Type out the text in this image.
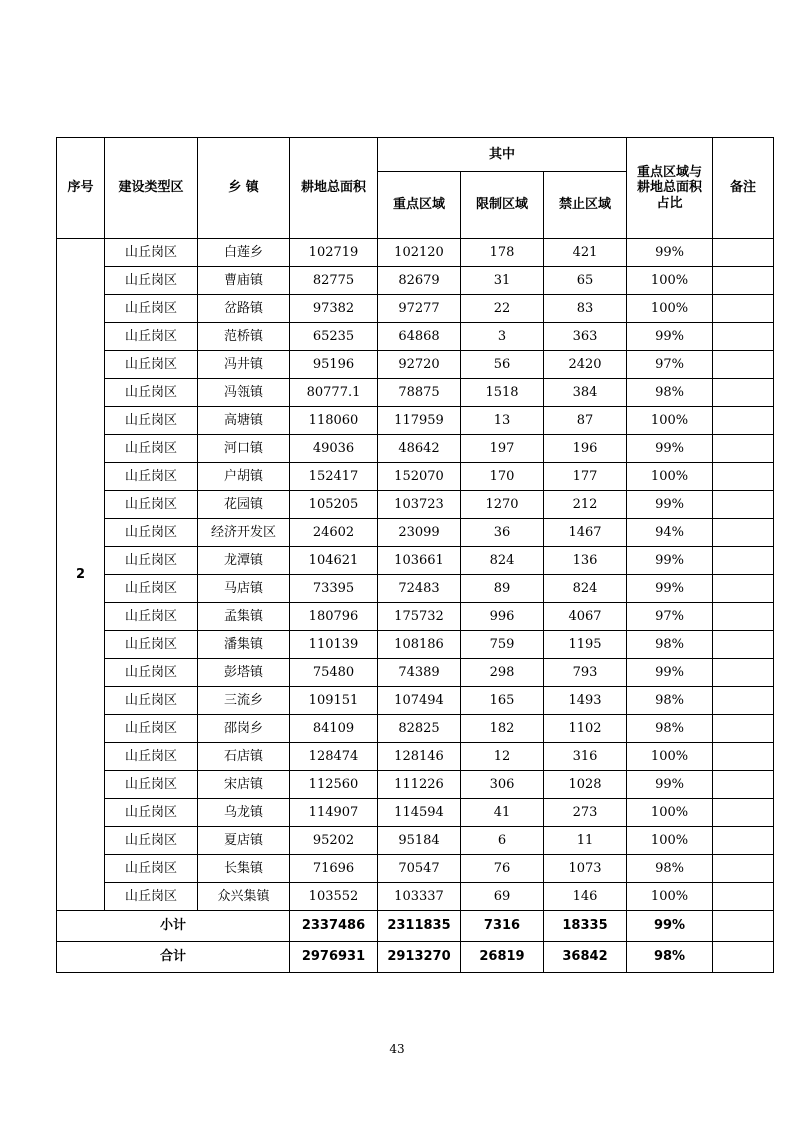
序号	建设类型区	乡 镇	耕地总面积	其中			重点区域与耕地总面积占比	备注
				重点区域	限制区域	禁止区域		
2	山丘岗区	白莲乡	102719	102120	178	421	99%	
	山丘岗区	曹庙镇	82775	82679	31	65	100%	
	山丘岗区	岔路镇	97382	97277	22	83	100%	
	山丘岗区	范桥镇	65235	64868	3	363	99%	
	山丘岗区	冯井镇	95196	92720	56	2420	97%	
	山丘岗区	冯瓴镇	80777.1	78875	1518	384	98%	
	山丘岗区	高塘镇	118060	117959	13	87	100%	
	山丘岗区	河口镇	49036	48642	197	196	99%	
	山丘岗区	户胡镇	152417	152070	170	177	100%	
	山丘岗区	花园镇	105205	103723	1270	212	99%	
	山丘岗区	经济开发区	24602	23099	36	1467	94%	
	山丘岗区	龙潭镇	104621	103661	824	136	99%	
	山丘岗区	马店镇	73395	72483	89	824	99%	
	山丘岗区	孟集镇	180796	175732	996	4067	97%	
	山丘岗区	潘集镇	110139	108186	759	1195	98%	
	山丘岗区	彭塔镇	75480	74389	298	793	99%	
	山丘岗区	三流乡	109151	107494	165	1493	98%	
	山丘岗区	邵岗乡	84109	82825	182	1102	98%	
	山丘岗区	石店镇	128474	128146	12	316	100%	
	山丘岗区	宋店镇	112560	111226	306	1028	99%	
	山丘岗区	乌龙镇	114907	114594	41	273	100%	
	山丘岗区	夏店镇	95202	95184	6	11	100%	
	山丘岗区	长集镇	71696	70547	76	1073	98%	
	山丘岗区	众兴集镇	103552	103337	69	146	100%	
小计			2337486	2311835	7316	18335	99%	
合计			2976931	2913270	26819	36842	98%	
43
